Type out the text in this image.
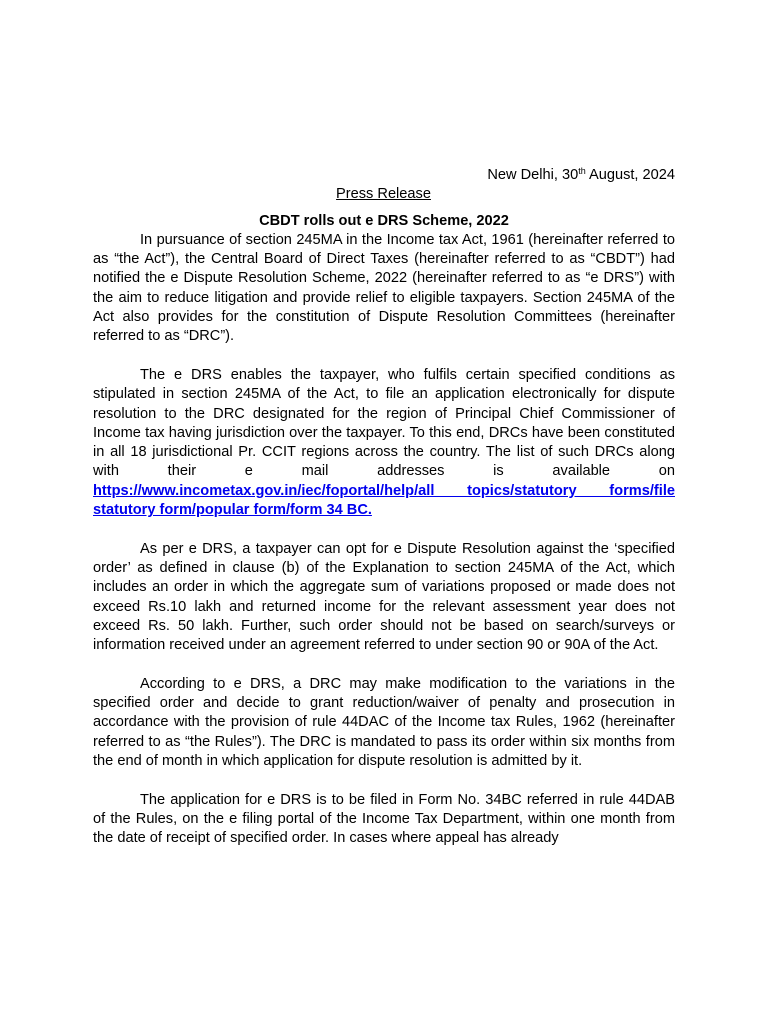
New Delhi, 30th August, 2024

Press Release

CBDT rolls out e DRS Scheme, 2022

In pursuance of section 245MA in the Income tax Act, 1961 (hereinafter referred to as “the Act”), the Central Board of Direct Taxes (hereinafter referred to as “CBDT”) had notified the e Dispute Resolution Scheme, 2022 (hereinafter referred to as “e DRS”) with the aim to reduce litigation and provide relief to eligible taxpayers. Section 245MA of the Act also provides for the constitution of Dispute Resolution Committees (hereinafter referred to as “DRC”).

The e DRS enables the taxpayer, who fulfils certain specified conditions as stipulated in section 245MA of the Act, to file an application electronically for dispute resolution to the DRC designated for the region of Principal Chief Commissioner of Income tax having jurisdiction over the taxpayer. To this end, DRCs have been constituted in all 18 jurisdictional Pr. CCIT regions across the country. The list of such DRCs along with their e mail addresses is available on https://www.incometax.gov.in/iec/foportal/help/all topics/statutory forms/file statutory form/popular form/form 34 BC.

As per e DRS, a taxpayer can opt for e Dispute Resolution against the ‘specified order’ as defined in clause (b) of the Explanation to section 245MA of the Act, which includes an order in which the aggregate sum of variations proposed or made does not exceed Rs.10 lakh and returned income for the relevant assessment year does not exceed Rs. 50 lakh. Further, such order should not be based on search/surveys or information received under an agreement referred to under section 90 or 90A of the Act.

According to e DRS, a DRC may make modification to the variations in the specified order and decide to grant reduction/waiver of penalty and prosecution in accordance with the provision of rule 44DAC of the Income tax Rules, 1962 (hereinafter referred to as “the Rules”). The DRC is mandated to pass its order within six months from the end of month in which application for dispute resolution is admitted by it.

The application for e DRS is to be filed in Form No. 34BC referred in rule 44DAB of the Rules, on the e filing portal of the Income Tax Department, within one month from the date of receipt of specified order. In cases where appeal has already
